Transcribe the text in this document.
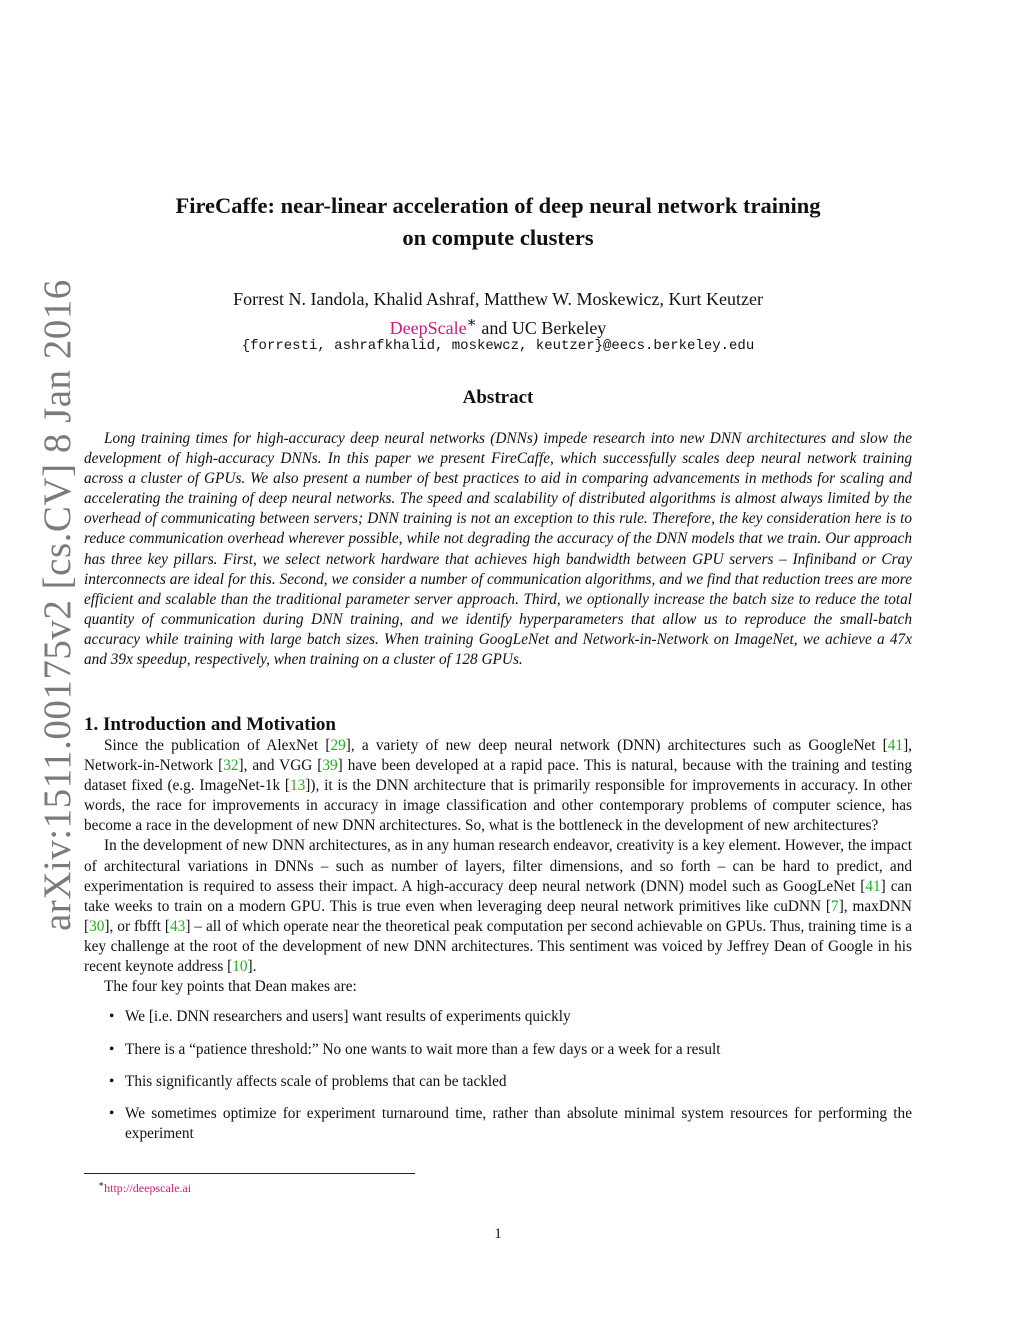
arXiv:1511.00175v2 [cs.CV] 8 Jan 2016
FireCaffe: near-linear acceleration of deep neural network training
on compute clusters
Forrest N. Iandola, Khalid Ashraf, Matthew W. Moskewicz, Kurt Keutzer
DeepScale∗ and UC Berkeley
{forresti, ashrafkhalid, moskewcz, keutzer}@eecs.berkeley.edu
Abstract
Long training times for high-accuracy deep neural networks (DNNs) impede research into new DNN architectures and slow the development of high-accuracy DNNs. In this paper we present FireCaffe, which successfully scales deep neural network training across a cluster of GPUs. We also present a number of best practices to aid in comparing advancements in methods for scaling and accelerating the training of deep neural networks. The speed and scalability of distributed algorithms is almost always limited by the overhead of communicating between servers; DNN training is not an exception to this rule. Therefore, the key consideration here is to reduce communication overhead wherever possible, while not degrading the accuracy of the DNN models that we train. Our approach has three key pillars. First, we select network hardware that achieves high bandwidth between GPU servers – Infiniband or Cray interconnects are ideal for this. Second, we consider a number of communication algorithms, and we find that reduction trees are more efficient and scalable than the traditional parameter server approach. Third, we optionally increase the batch size to reduce the total quantity of communication during DNN training, and we identify hyperparameters that allow us to reproduce the small-batch accuracy while training with large batch sizes. When training GoogLeNet and Network-in-Network on ImageNet, we achieve a 47x and 39x speedup, respectively, when training on a cluster of 128 GPUs.
1. Introduction and Motivation

Since the publication of AlexNet [29], a variety of new deep neural network (DNN) architectures such as GoogleNet [41], Network-in-Network [32], and VGG [39] have been developed at a rapid pace. This is natural, because with the training and testing dataset fixed (e.g. ImageNet-1k [13]), it is the DNN architecture that is primarily responsible for improvements in accuracy. In other words, the race for improvements in accuracy in image classification and other contemporary problems of computer science, has become a race in the development of new DNN architectures. So, what is the bottleneck in the development of new architectures?

In the development of new DNN architectures, as in any human research endeavor, creativity is a key element. However, the impact of architectural variations in DNNs – such as number of layers, filter dimensions, and so forth – can be hard to predict, and experimentation is required to assess their impact. A high-accuracy deep neural network (DNN) model such as GoogLeNet [41] can take weeks to train on a modern GPU. This is true even when leveraging deep neural network primitives like cuDNN [7], maxDNN [30], or fbfft [43] – all of which operate near the theoretical peak computation per second achievable on GPUs. Thus, training time is a key challenge at the root of the development of new DNN architectures. This sentiment was voiced by Jeffrey Dean of Google in his recent keynote address [10].

The four key points that Dean makes are:

• We [i.e. DNN researchers and users] want results of experiments quickly
• There is a “patience threshold:” No one wants to wait more than a few days or a week for a result
• This significantly affects scale of problems that can be tackled
• We sometimes optimize for experiment turnaround time, rather than absolute minimal system resources for performing the experiment
∗http://deepscale.ai
1
